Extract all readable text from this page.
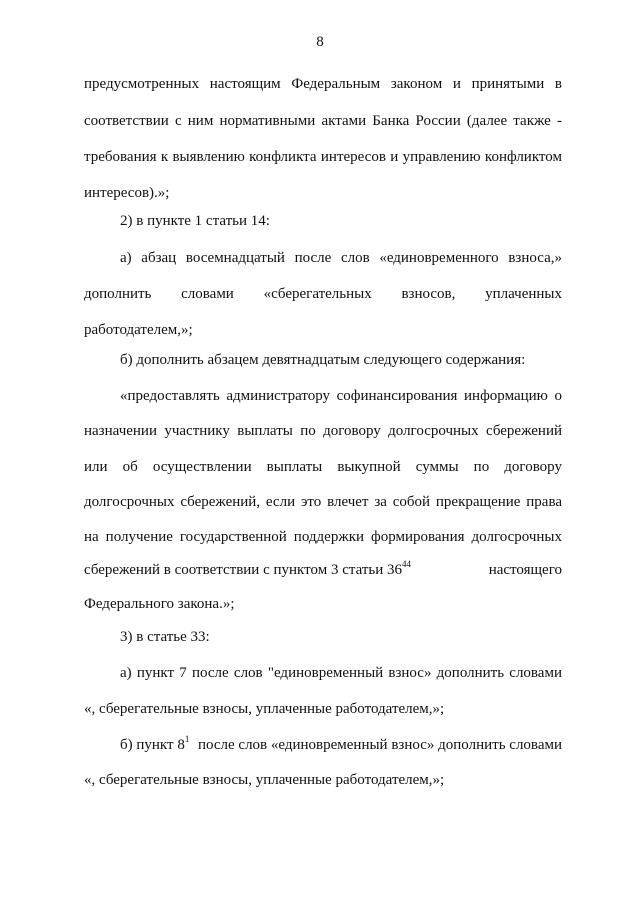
8
предусмотренных настоящим Федеральным законом и принятыми в
соответствии с ним нормативными актами Банка России (далее также -
требования к выявлению конфликта интересов и управлению конфликтом
интересов).»;
2) в пункте 1 статьи 14:
а) абзац восемнадцатый после слов «единовременного взноса,»
дополнить словами «сберегательных взносов, уплаченных
работодателем,»;
б) дополнить абзацем девятнадцатым следующего содержания:
«предоставлять администратору софинансирования информацию о
назначении участнику выплаты по договору долгосрочных сбережений
или об осуществлении выплаты выкупной суммы по договору
долгосрочных сбережений, если это влечет за собой прекращение права
на получение государственной поддержки формирования долгосрочных
сбережений в соответствии с пунктом 3 статьи $36^{44}$	настоящего
Федерального закона.»;
3) в статье 33:
а) пункт 7 после слов "единовременный взнос» дополнить словами
«, сберегательные взносы, уплаченные работодателем,»;
б) пункт $8^1$ после слов «единовременный взнос» дополнить словами
«, сберегательные взносы, уплаченные работодателем,»;
